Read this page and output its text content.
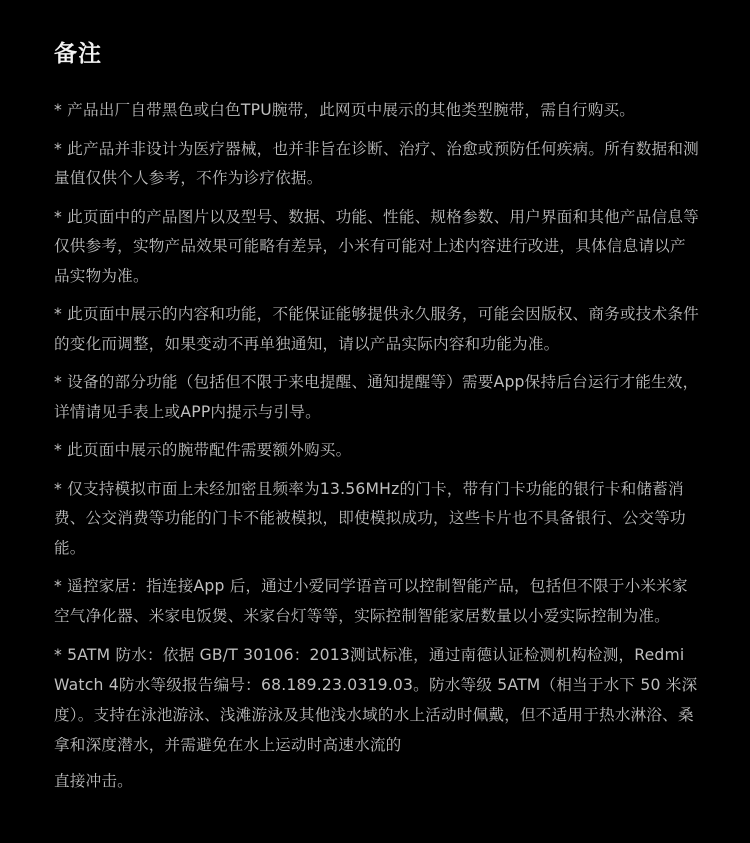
备注
* 产品出厂自带黑色或白色TPU腕带，此网页中展示的其他类型腕带，需自行购买。
* 此产品并非设计为医疗器械，也并非旨在诊断、治疗、治愈或预防任何疾病。所有数据和测量值仅供个人参考，不作为诊疗依据。
* 此页面中的产品图片以及型号、数据、功能、性能、规格参数、用户界面和其他产品信息等仅供参考，实物产品效果可能略有差异，小米有可能对上述内容进行改进，具体信息请以产品实物为准。
* 此页面中展示的内容和功能，不能保证能够提供永久服务，可能会因版权、商务或技术条件的变化而调整，如果变动不再单独通知，请以产品实际内容和功能为准。
* 设备的部分功能（包括但不限于来电提醒、通知提醒等）需要App保持后台运行才能生效，详情请见手表上或APP内提示与引导。
* 此页面中展示的腕带配件需要额外购买。
* 仅支持模拟市面上未经加密且频率为13.56MHz的门卡，带有门卡功能的银行卡和储蓄消费、公交消费等功能的门卡不能被模拟，即使模拟成功，这些卡片也不具备银行、公交等功能。
* 遥控家居：指连接App 后，通过小爱同学语音可以控制智能产品，包括但不限于小米米家空气净化器、米家电饭煲、米家台灯等等，实际控制智能家居数量以小爱实际控制为准。
* 5ATM 防水：依据 GB/T 30106：2013测试标准，通过南德认证检测机构检测，Redmi Watch 4防水等级报告编号：68.189.23.0319.03。防水等级 5ATM（相当于水下 50 米深度）。支持在泳池游泳、浅滩游泳及其他浅水域的水上活动时佩戴，但不适用于热水淋浴、桑拿和深度潜水，并需避免在水上运动时高速水流的
直接冲击。
